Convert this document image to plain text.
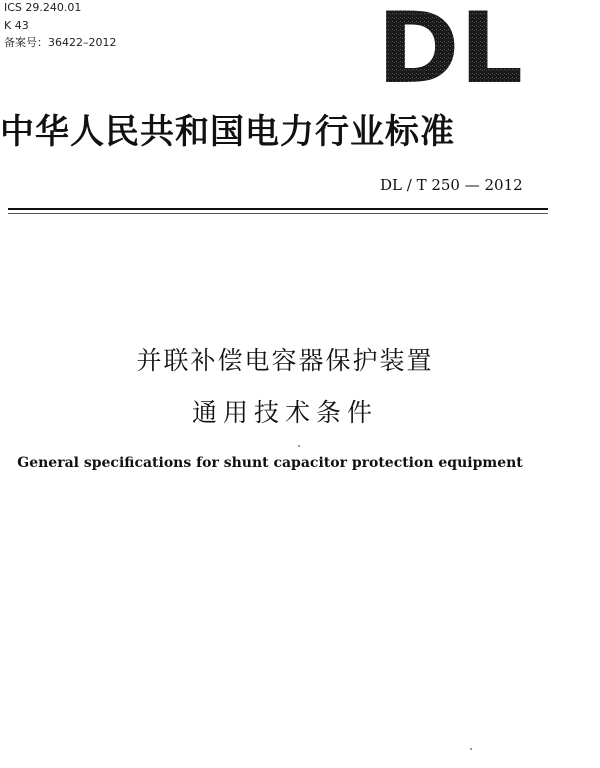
ICS 29.240.01
K 43
备案号：36422–2012	DL
中华人民共和国电力行业标准
DL / T 250 — 2012
并联补偿电容器保护装置
通用技术条件
General specifications for shunt capacitor protection equipment
